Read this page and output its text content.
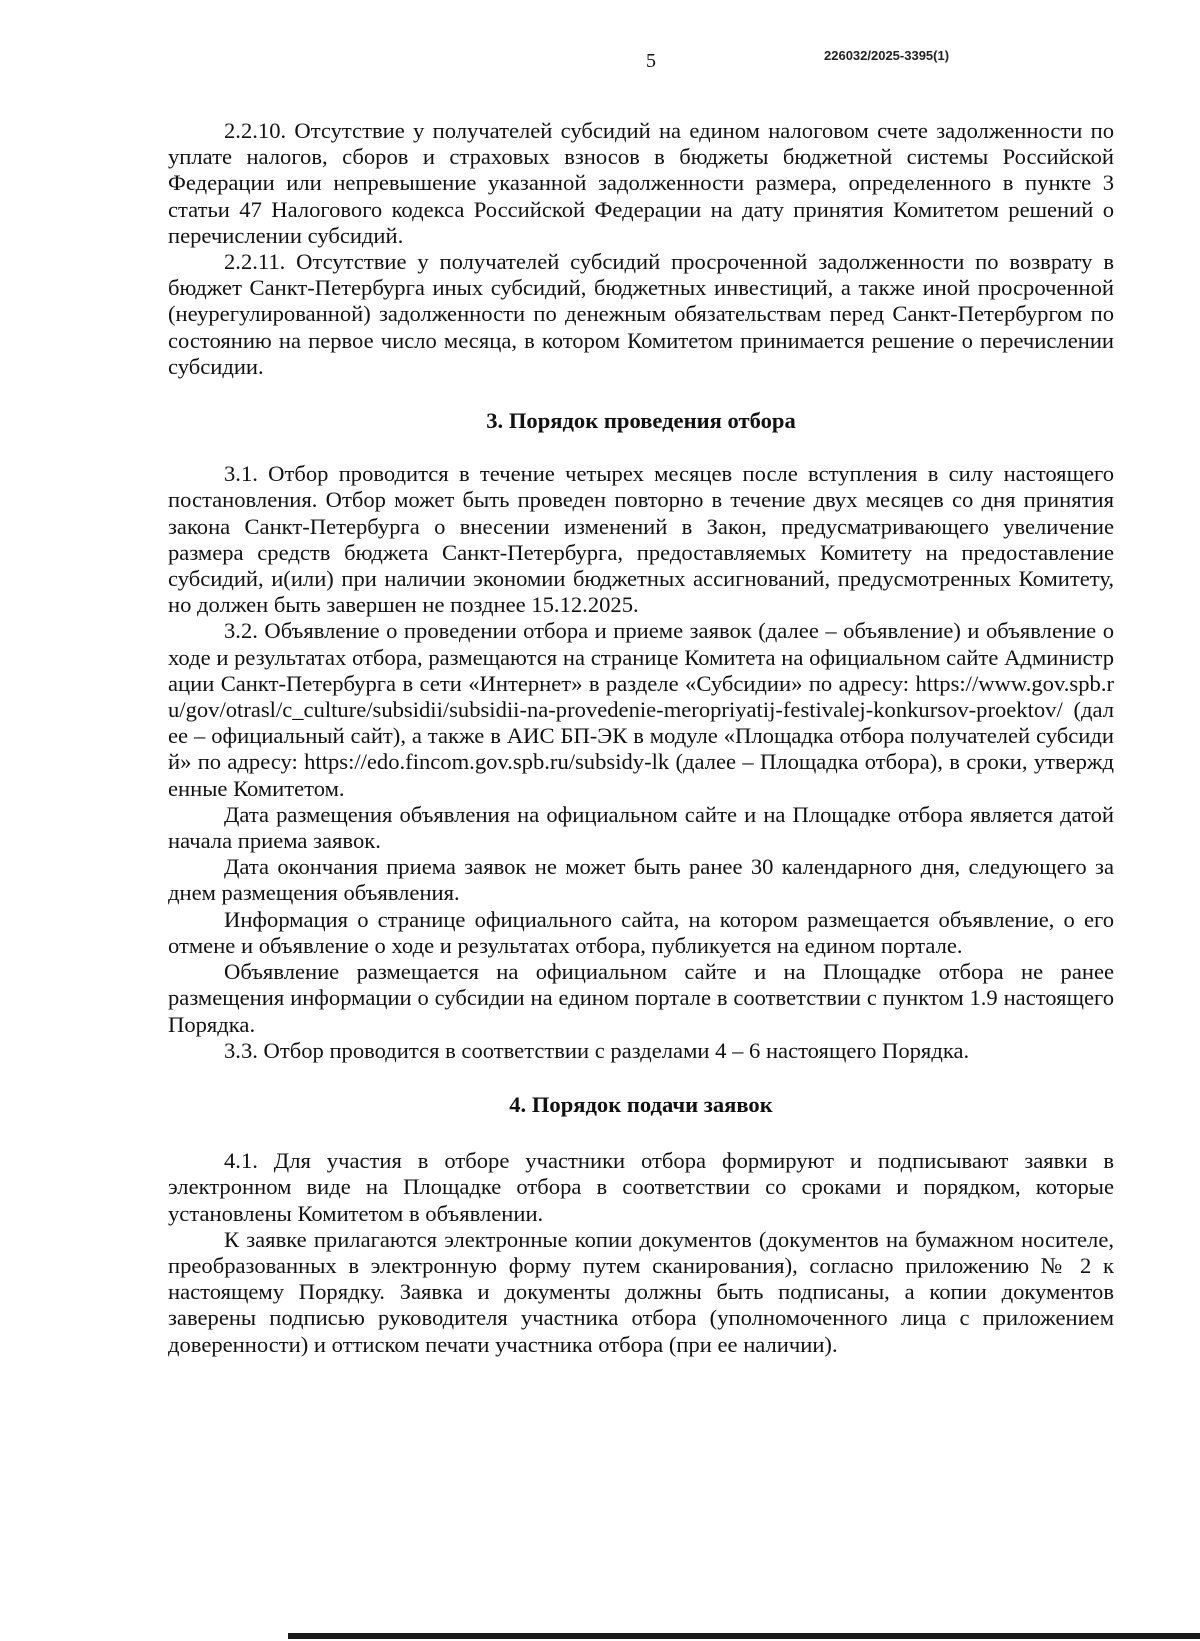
5	226032/2025-3395(1)

2.2.10. Отсутствие у получателей субсидий на едином налоговом счете задолженности по уплате налогов, сборов и страховых взносов в бюджеты бюджетной системы Российской Федерации или непревышение указанной задолженности размера, определенного в пункте 3 статьи 47 Налогового кодекса Российской Федерации на дату принятия Комитетом решений о перечислении субсидий.

2.2.11. Отсутствие у получателей субсидий просроченной задолженности по возврату в бюджет Санкт-Петербурга иных субсидий, бюджетных инвестиций, а также иной просроченной (неурегулированной) задолженности по денежным обязательствам перед Санкт-Петербургом по состоянию на первое число месяца, в котором Комитетом принимается решение о перечислении субсидии.

3. Порядок проведения отбора

3.1. Отбор проводится в течение четырех месяцев после вступления в силу настоящего постановления. Отбор может быть проведен повторно в течение двух месяцев со дня принятия закона Санкт-Петербурга о внесении изменений в Закон, предусматривающего увеличение размера средств бюджета Санкт-Петербурга, предоставляемых Комитету на предоставление субсидий, и(или) при наличии экономии бюджетных ассигнований, предусмотренных Комитету, но должен быть завершен не позднее 15.12.2025.

3.2. Объявление о проведении отбора и приеме заявок (далее – объявление) и объявление о ходе и результатах отбора, размещаются на странице Комитета на официальном сайте Администрации Санкт-Петербурга в сети «Интернет» в разделе «Субсидии» по адресу: https://www.gov.spb.ru/gov/otrasl/c_culture/subsidii/subsidii-na-provedenie-meropriyatij-festivalej-konkursov-proektov/ (далее – официальный сайт), а также в АИС БП-ЭК в модуле «Площадка отбора получателей субсидий» по адресу: https://edo.fincom.gov.spb.ru/subsidy-lk (далее – Площадка отбора), в сроки, утвержденные Комитетом.

Дата размещения объявления на официальном сайте и на Площадке отбора является датой начала приема заявок.

Дата окончания приема заявок не может быть ранее 30 календарного дня, следующего за днем размещения объявления.

Информация о странице официального сайта, на котором размещается объявление, о его отмене и объявление о ходе и результатах отбора, публикуется на едином портале.

Объявление размещается на официальном сайте и на Площадке отбора не ранее размещения информации о субсидии на едином портале в соответствии с пунктом 1.9 настоящего Порядка.

3.3. Отбор проводится в соответствии с разделами 4 – 6 настоящего Порядка.

4. Порядок подачи заявок

4.1. Для участия в отборе участники отбора формируют и подписывают заявки в электронном виде на Площадке отбора в соответствии со сроками и порядком, которые установлены Комитетом в объявлении.

К заявке прилагаются электронные копии документов (документов на бумажном носителе, преобразованных в электронную форму путем сканирования), согласно приложению № 2 к настоящему Порядку. Заявка и документы должны быть подписаны, а копии документов заверены подписью руководителя участника отбора (уполномоченного лица с приложением доверенности) и оттиском печати участника отбора (при ее наличии).
